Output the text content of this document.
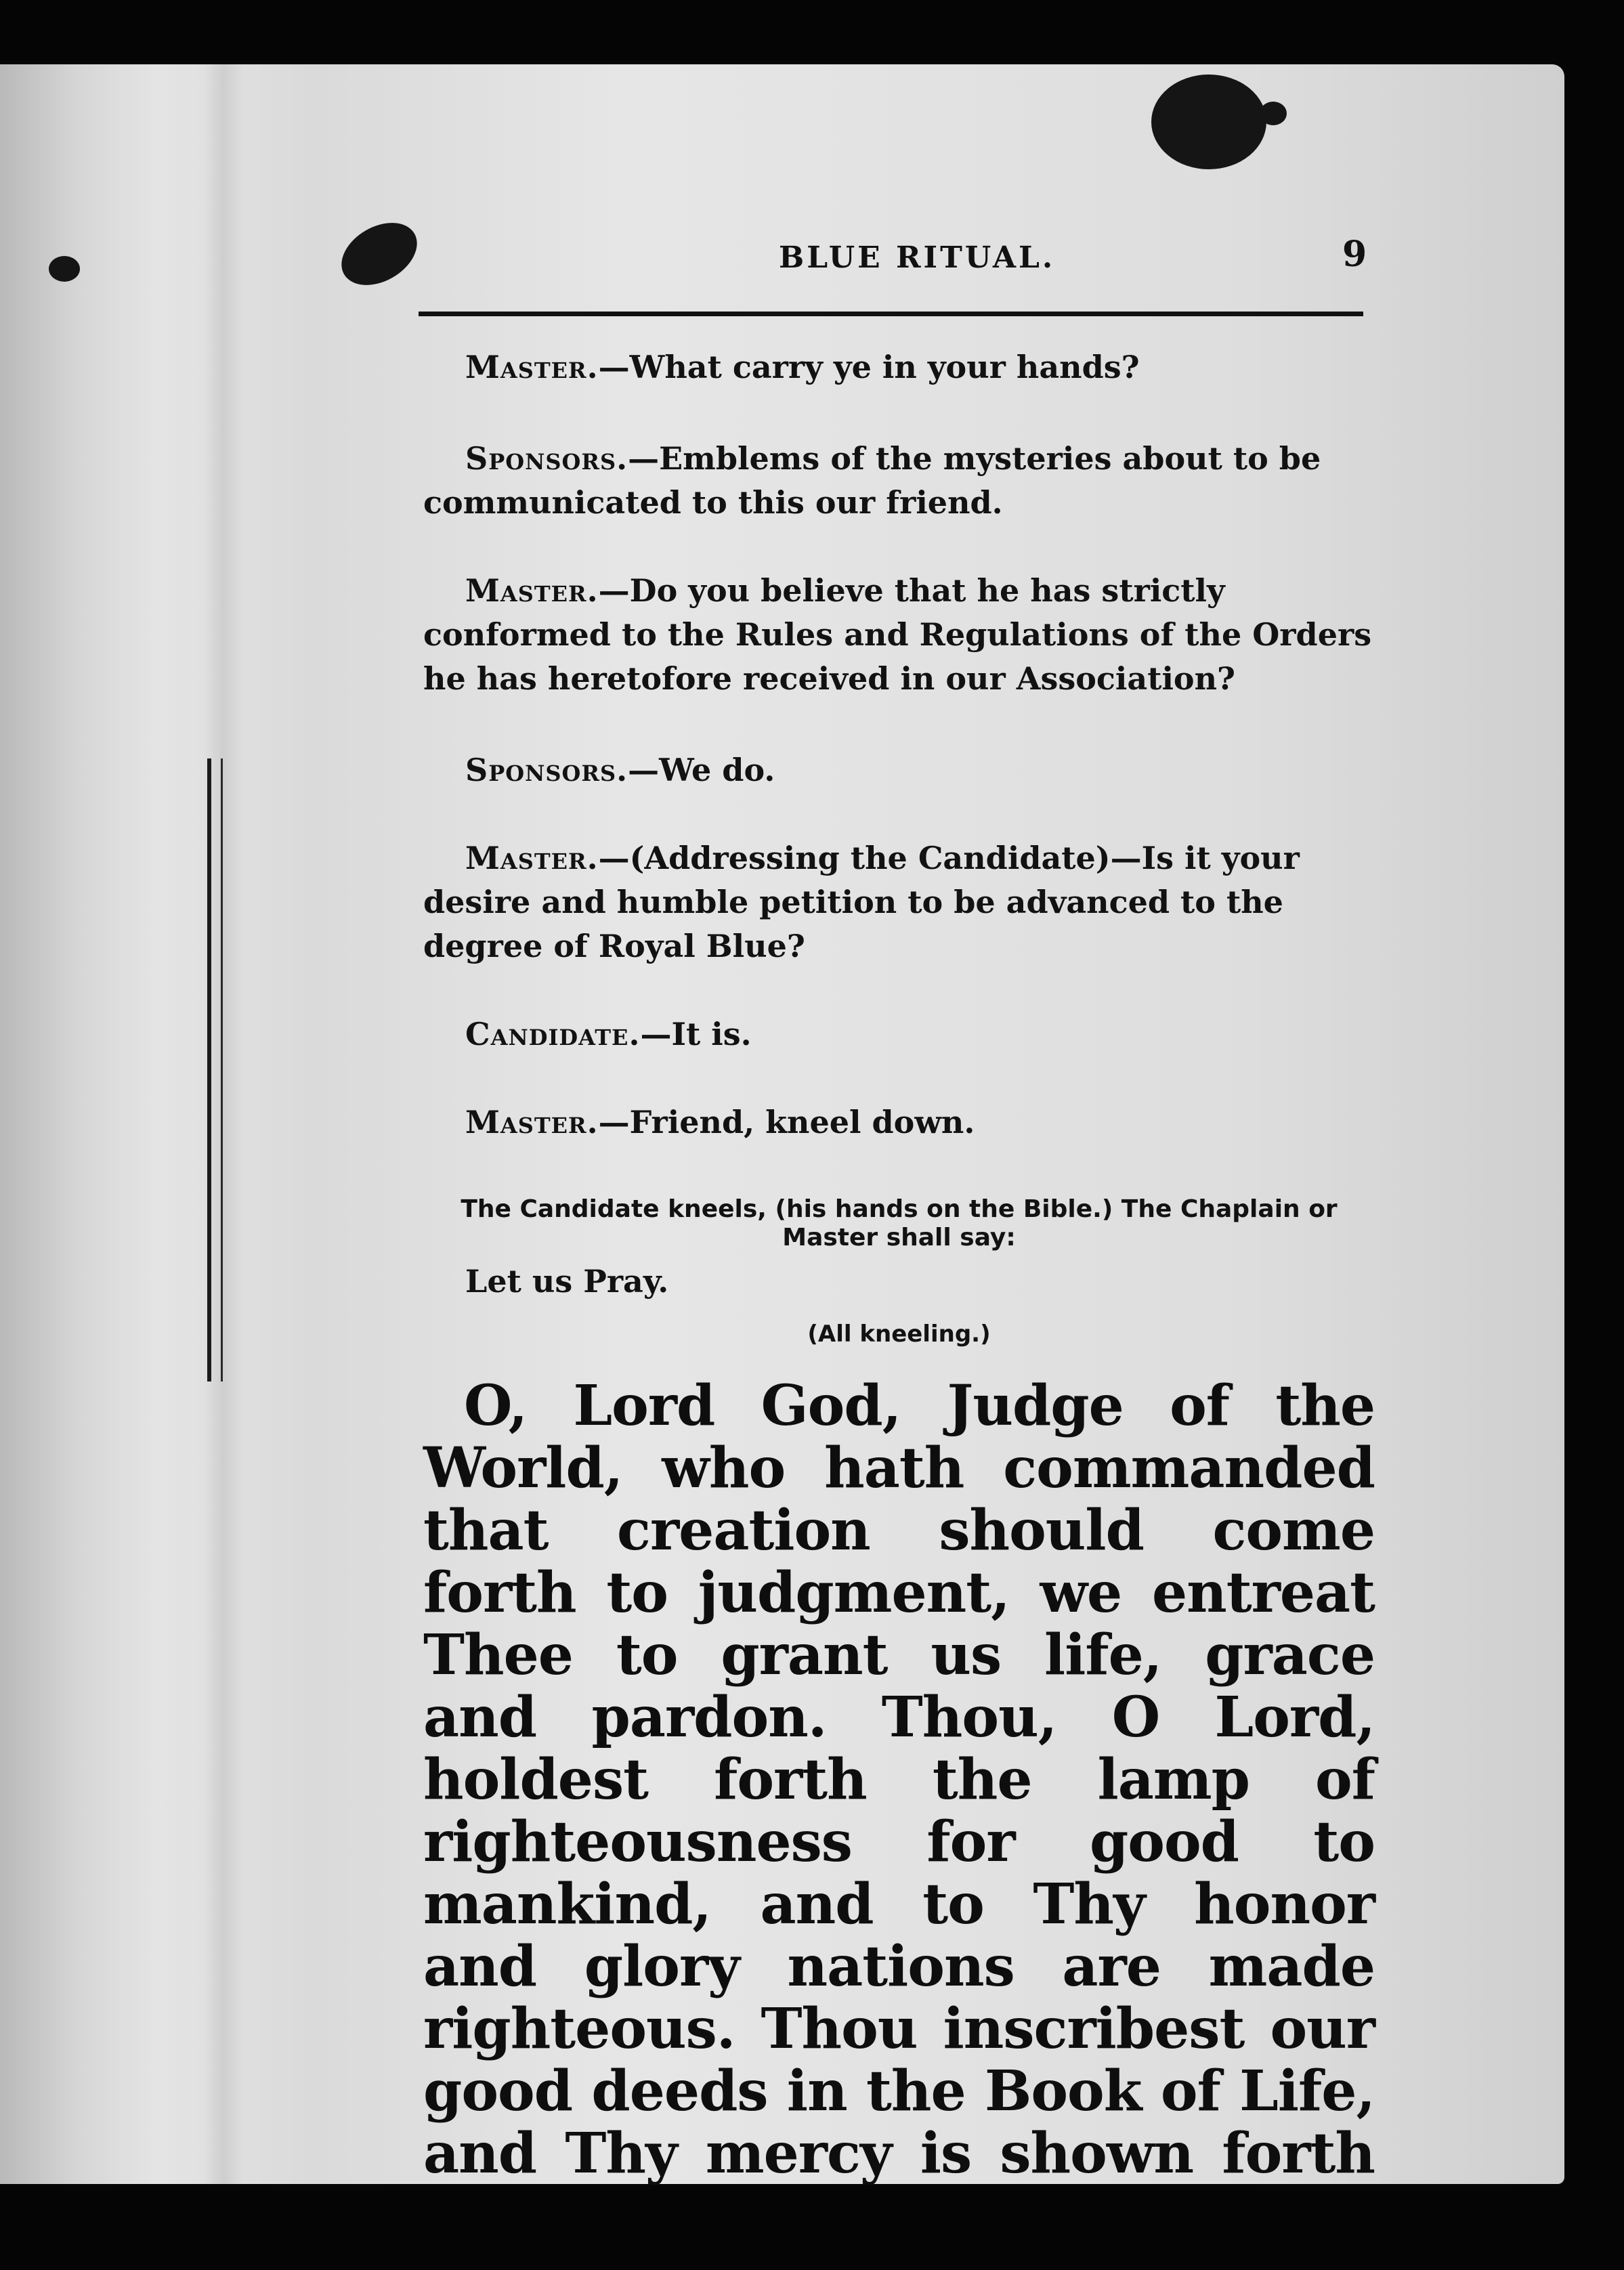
BLUE RITUAL.	9

Master.—What carry ye in your hands?

Sponsors.—Emblems of the mysteries about to be communicated to this our friend.

Master.—Do you believe that he has strictly conformed to the Rules and Regulations of the Orders he has heretofore received in our Association?

Sponsors.—We do.

Master.—(Addressing the Candidate)—Is it your desire and humble petition to be advanced to the degree of Royal Blue?

Candidate.—It is.

Master.—Friend, kneel down.

The Candidate kneels, (his hands on the Bible.) The Chaplain or Master shall say:

Let us Pray.

(All kneeling.)
O, Lord God, Judge of the World, who hath commanded that creation should come forth to judgment, we entreat Thee to grant us life, grace and pardon. Thou, O Lord, holdest forth the lamp of righteousness for good to mankind, and to Thy honor and glory nations are made righteous. Thou inscribest our good deeds in the Book of Life, and Thy mercy is shown forth
